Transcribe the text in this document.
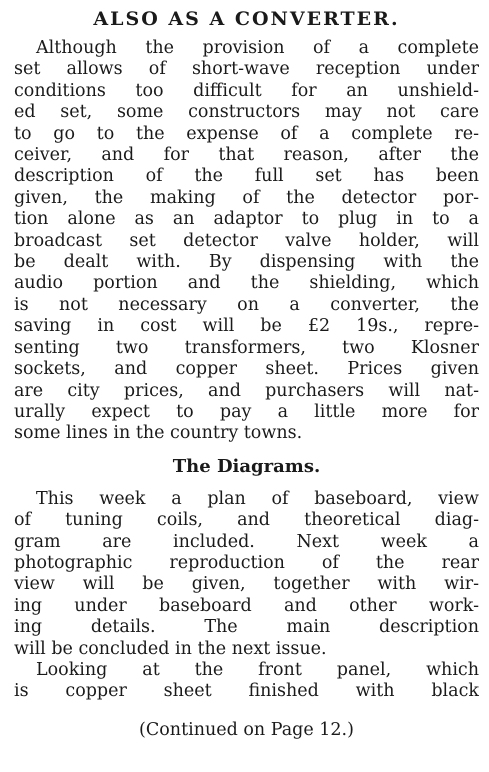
ALSO AS A CONVERTER.
Although the provision of a complete
set allows of short-wave reception under
conditions too difficult for an unshield-
ed set, some constructors may not care
to go to the expense of a complete re-
ceiver, and for that reason, after the
description of the full set has been
given, the making of the detector por-
tion alone as an adaptor to plug in to a
broadcast set detector valve holder, will
be dealt with. By dispensing with the
audio portion and the shielding, which
is not necessary on a converter, the
saving in cost will be £2 19s., repre-
senting two transformers, two Klosner
sockets, and copper sheet. Prices given
are city prices, and purchasers will nat-
urally expect to pay a little more for
some lines in the country towns.
The Diagrams.
This week a plan of baseboard, view
of tuning coils, and theoretical diag-
gram are included. Next week a
photographic reproduction of the rear
view will be given, together with wir-
ing under baseboard and other work-
ing details. The main description
will be concluded in the next issue.
Looking at the front panel, which
is copper sheet finished with black
(Continued on Page 12.)
